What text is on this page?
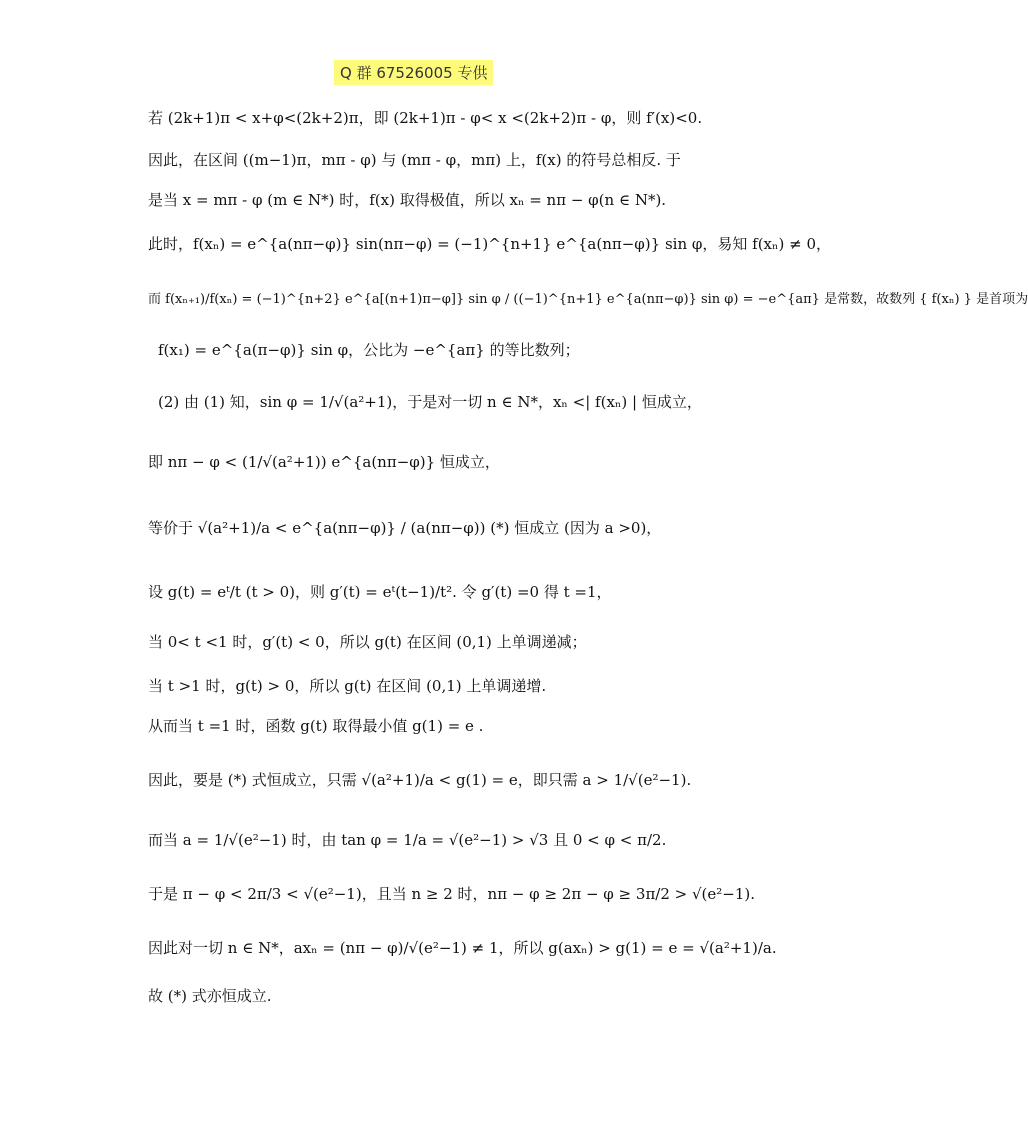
Q 群 67526005 专供
若 (2k+1)π < x+φ<(2k+2)π，即 (2k+1)π - φ< x <(2k+2)π - φ，则 f′(x)<0.
因此，在区间 ((m−1)π，mπ - φ) 与 (mπ - φ，mπ) 上，f(x) 的符号总相反. 于
是当 x = mπ - φ (m ∈ N*) 时，f(x) 取得极值，所以 xₙ = nπ − φ(n ∈ N*).
此时，f(xₙ) = e^{a(nπ−φ)} sin(nπ−φ) = (−1)^{n+1} e^{a(nπ−φ)} sin φ，易知 f(xₙ) ≠ 0，
而 f(xₙ₊₁)/f(xₙ) = (−1)^{n+2} e^{a[(n+1)π−φ]} sin φ / ((−1)^{n+1} e^{a(nπ−φ)} sin φ) = −e^{aπ} 是常数，故数列 { f(xₙ) } 是首项为
f(x₁) = e^{a(π−φ)} sin φ，公比为 −e^{aπ} 的等比数列；
(2) 由 (1) 知，sin φ = 1/√(a²+1)，于是对一切 n ∈ N*，xₙ <| f(xₙ) | 恒成立，
即 nπ − φ < (1/√(a²+1)) e^{a(nπ−φ)} 恒成立，
等价于 √(a²+1)/a < e^{a(nπ−φ)} / (a(nπ−φ)) (*) 恒成立 (因为 a >0)，
设 g(t) = eᵗ/t (t > 0)，则 g′(t) = eᵗ(t−1)/t². 令 g′(t) =0 得 t =1，
当 0< t <1 时，g′(t) < 0，所以 g(t) 在区间 (0,1) 上单调递减；
当 t >1 时，g(t) > 0，所以 g(t) 在区间 (0,1) 上单调递增.
从而当 t =1 时，函数 g(t) 取得最小值 g(1) = e .
因此，要是 (*) 式恒成立，只需 √(a²+1)/a < g(1) = e，即只需 a > 1/√(e²−1).
而当 a = 1/√(e²−1) 时，由 tan φ = 1/a = √(e²−1) > √3 且 0 < φ < π/2.
于是 π − φ < 2π/3 < √(e²−1)，且当 n ≥ 2 时，nπ − φ ≥ 2π − φ ≥ 3π/2 > √(e²−1).
因此对一切 n ∈ N*，axₙ = (nπ − φ)/√(e²−1) ≠ 1，所以 g(axₙ) > g(1) = e = √(a²+1)/a.
故 (*) 式亦恒成立.
